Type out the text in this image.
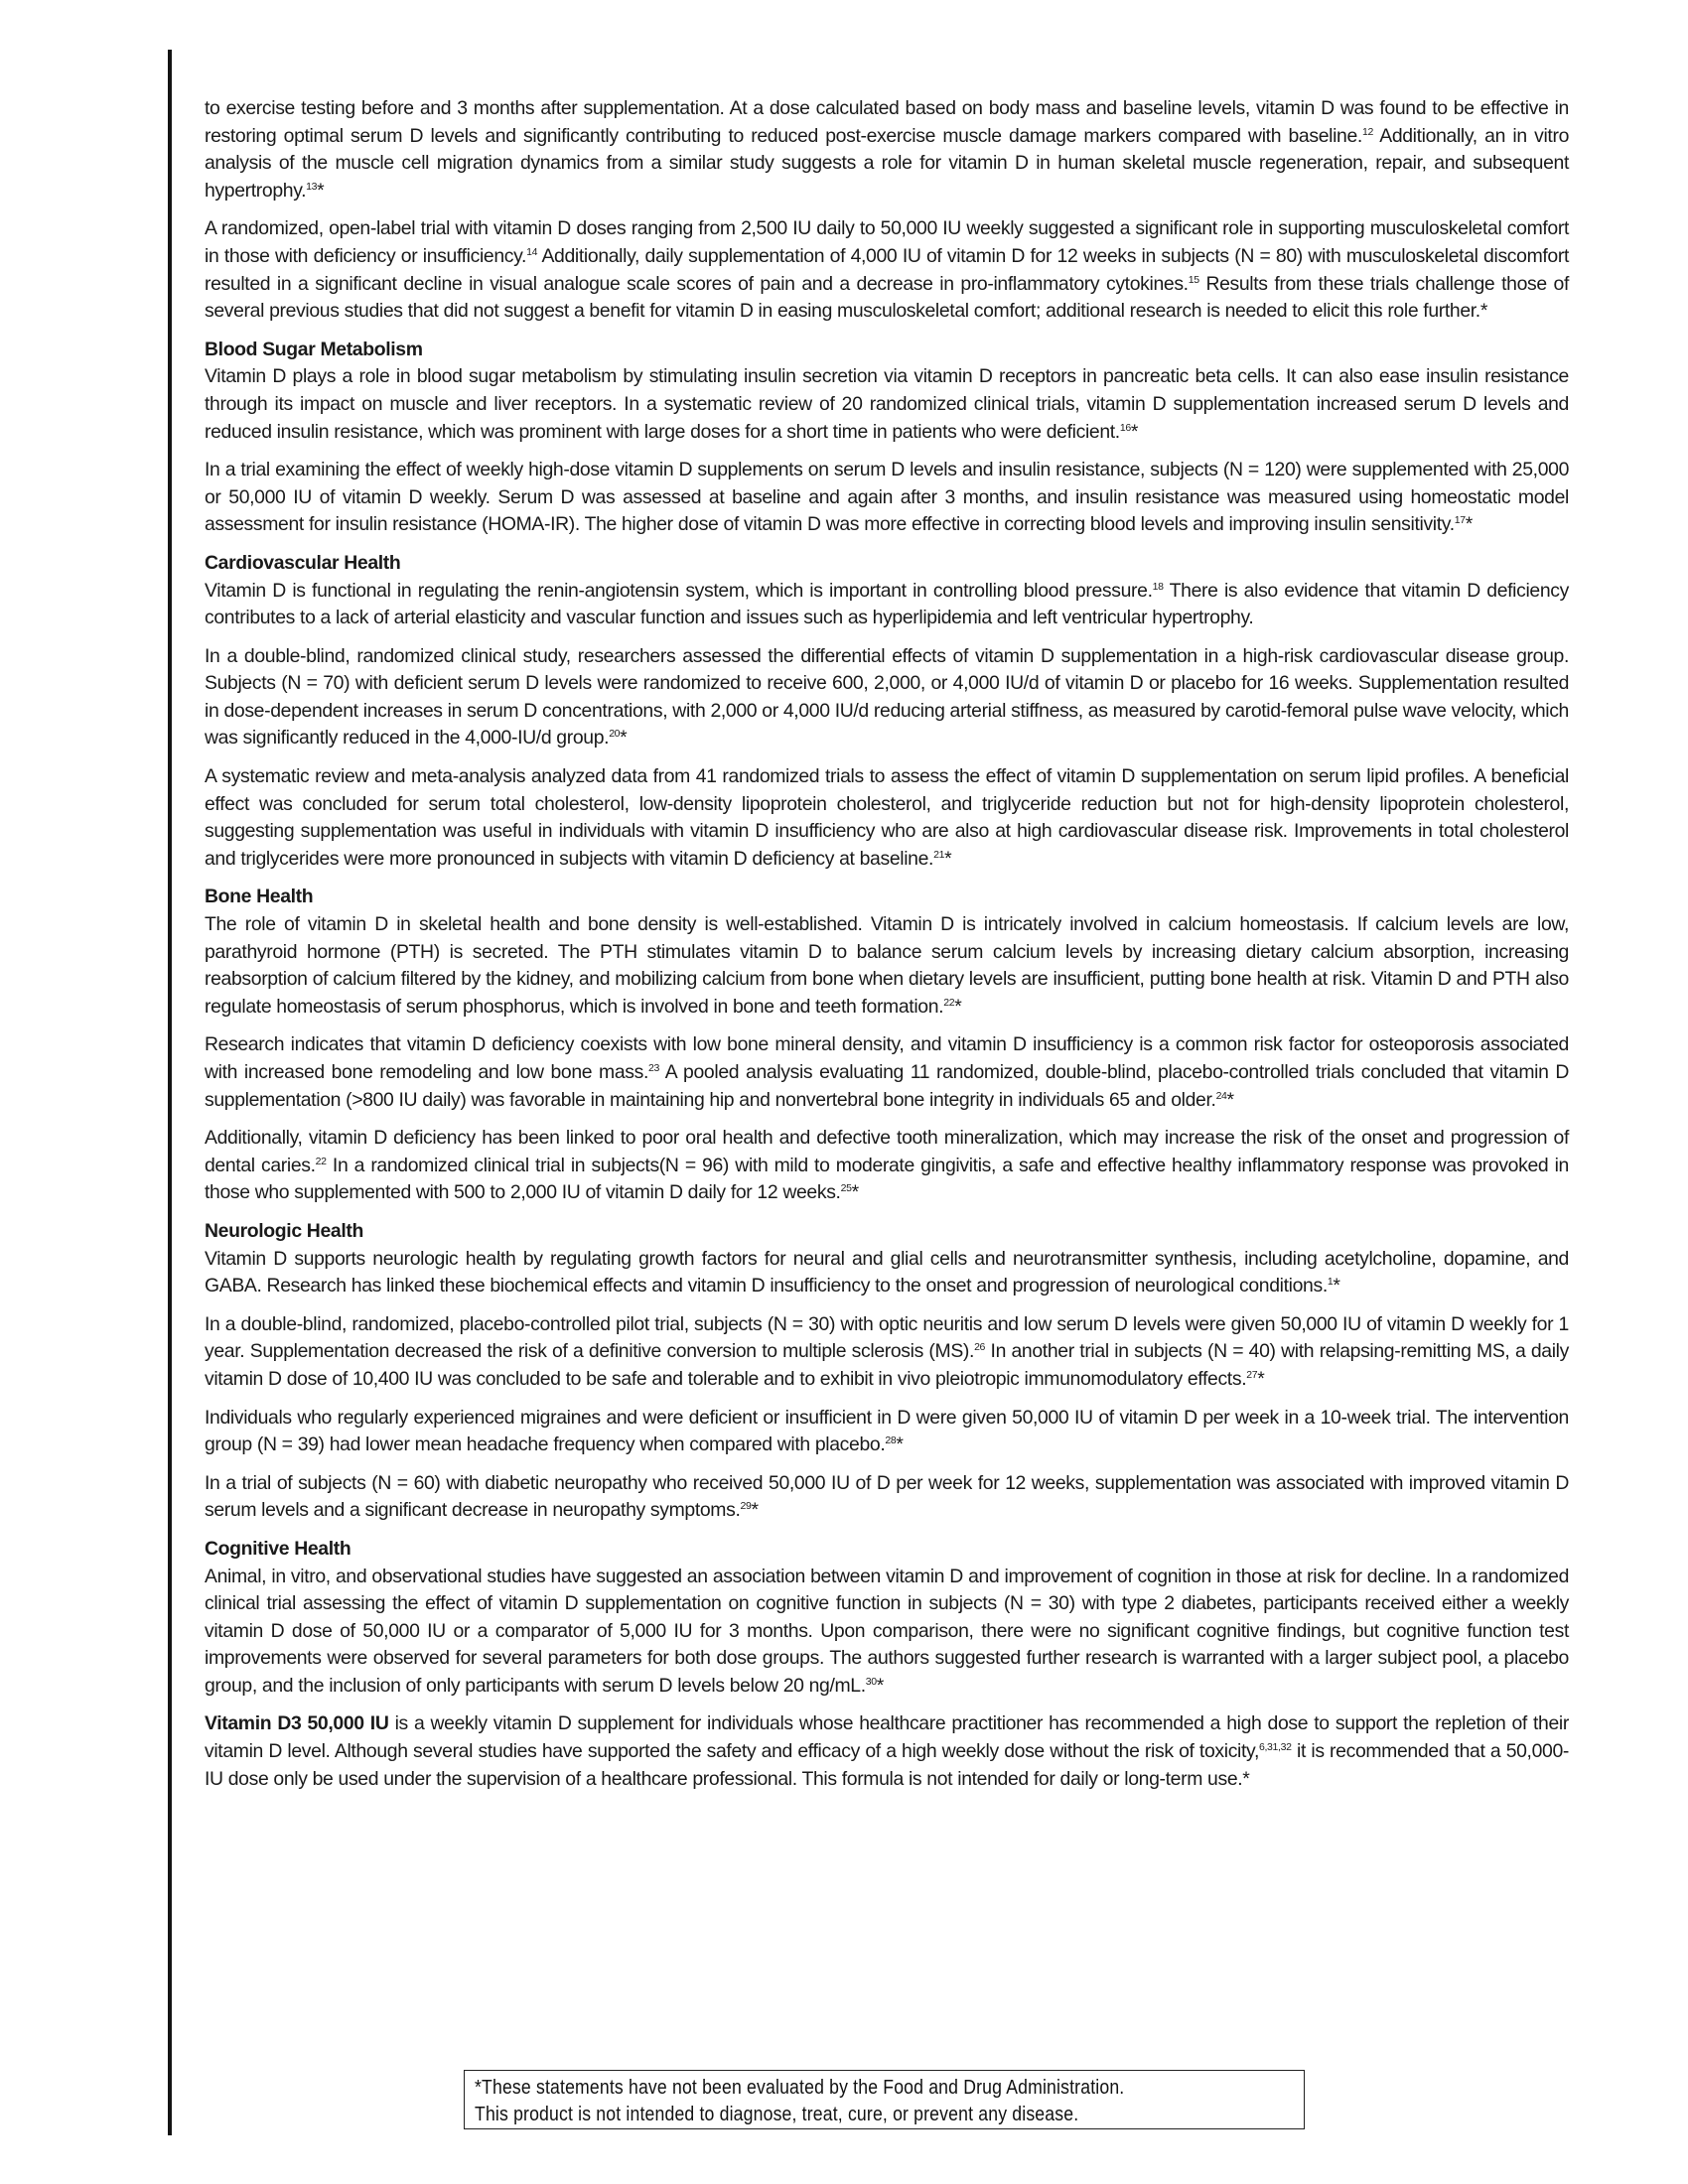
to exercise testing before and 3 months after supplementation. At a dose calculated based on body mass and baseline levels, vitamin D was found to be effective in restoring optimal serum D levels and significantly contributing to reduced post-exercise muscle damage markers compared with baseline.$^{12}$ Additionally, an in vitro analysis of the muscle cell migration dynamics from a similar study suggests a role for vitamin D in human skeletal muscle regeneration, repair, and subsequent hypertrophy.$^{13}$*

A randomized, open-label trial with vitamin D doses ranging from 2,500 IU daily to 50,000 IU weekly suggested a significant role in supporting musculoskeletal comfort in those with deficiency or insufficiency.$^{14}$ Additionally, daily supplementation of 4,000 IU of vitamin D for 12 weeks in subjects (N = 80) with musculoskeletal discomfort resulted in a significant decline in visual analogue scale scores of pain and a decrease in pro-inflammatory cytokines.$^{15}$ Results from these trials challenge those of several previous studies that did not suggest a benefit for vitamin D in easing musculoskeletal comfort; additional research is needed to elicit this role further.*

Blood Sugar Metabolism

Vitamin D plays a role in blood sugar metabolism by stimulating insulin secretion via vitamin D receptors in pancreatic beta cells. It can also ease insulin resistance through its impact on muscle and liver receptors. In a systematic review of 20 randomized clinical trials, vitamin D supplementation increased serum D levels and reduced insulin resistance, which was prominent with large doses for a short time in patients who were deficient.$^{16}$*

In a trial examining the effect of weekly high-dose vitamin D supplements on serum D levels and insulin resistance, subjects (N = 120) were supplemented with 25,000 or 50,000 IU of vitamin D weekly. Serum D was assessed at baseline and again after 3 months, and insulin resistance was measured using homeostatic model assessment for insulin resistance (HOMA-IR). The higher dose of vitamin D was more effective in correcting blood levels and improving insulin sensitivity.$^{17}$*

Cardiovascular Health

Vitamin D is functional in regulating the renin-angiotensin system, which is important in controlling blood pressure.$^{18}$ There is also evidence that vitamin D deficiency contributes to a lack of arterial elasticity and vascular function and issues such as hyperlipidemia and left ventricular hypertrophy.

In a double-blind, randomized clinical study, researchers assessed the differential effects of vitamin D supplementation in a high-risk cardiovascular disease group. Subjects (N = 70) with deficient serum D levels were randomized to receive 600, 2,000, or 4,000 IU/d of vitamin D or placebo for 16 weeks. Supplementation resulted in dose-dependent increases in serum D concentrations, with 2,000 or 4,000 IU/d reducing arterial stiffness, as measured by carotid-femoral pulse wave velocity, which was significantly reduced in the 4,000-IU/d group.$^{20}$*

A systematic review and meta-analysis analyzed data from 41 randomized trials to assess the effect of vitamin D supplementation on serum lipid profiles. A beneficial effect was concluded for serum total cholesterol, low-density lipoprotein cholesterol, and triglyceride reduction but not for high-density lipoprotein cholesterol, suggesting supplementation was useful in individuals with vitamin D insufficiency who are also at high cardiovascular disease risk. Improvements in total cholesterol and triglycerides were more pronounced in subjects with vitamin D deficiency at baseline.$^{21}$*

Bone Health

The role of vitamin D in skeletal health and bone density is well-established. Vitamin D is intricately involved in calcium homeostasis. If calcium levels are low, parathyroid hormone (PTH) is secreted. The PTH stimulates vitamin D to balance serum calcium levels by increasing dietary calcium absorption, increasing reabsorption of calcium filtered by the kidney, and mobilizing calcium from bone when dietary levels are insufficient, putting bone health at risk. Vitamin D and PTH also regulate homeostasis of serum phosphorus, which is involved in bone and teeth formation.$^{22}$*

Research indicates that vitamin D deficiency coexists with low bone mineral density, and vitamin D insufficiency is a common risk factor for osteoporosis associated with increased bone remodeling and low bone mass.$^{23}$ A pooled analysis evaluating 11 randomized, double-blind, placebo-controlled trials concluded that vitamin D supplementation (>800 IU daily) was favorable in maintaining hip and nonvertebral bone integrity in individuals 65 and older.$^{24}$*

Additionally, vitamin D deficiency has been linked to poor oral health and defective tooth mineralization, which may increase the risk of the onset and progression of dental caries.$^{22}$ In a randomized clinical trial in subjects(N = 96) with mild to moderate gingivitis, a safe and effective healthy inflammatory response was provoked in those who supplemented with 500 to 2,000 IU of vitamin D daily for 12 weeks.$^{25}$*

Neurologic Health

Vitamin D supports neurologic health by regulating growth factors for neural and glial cells and neurotransmitter synthesis, including acetylcholine, dopamine, and GABA. Research has linked these biochemical effects and vitamin D insufficiency to the onset and progression of neurological conditions.$^1$*

In a double-blind, randomized, placebo-controlled pilot trial, subjects (N = 30) with optic neuritis and low serum D levels were given 50,000 IU of vitamin D weekly for 1 year. Supplementation decreased the risk of a definitive conversion to multiple sclerosis (MS).$^{26}$ In another trial in subjects (N = 40) with relapsing-remitting MS, a daily vitamin D dose of 10,400 IU was concluded to be safe and tolerable and to exhibit in vivo pleiotropic immunomodulatory effects.$^{27}$*

Individuals who regularly experienced migraines and were deficient or insufficient in D were given 50,000 IU of vitamin D per week in a 10-week trial. The intervention group (N = 39) had lower mean headache frequency when compared with placebo.$^{28}$*

In a trial of subjects (N = 60) with diabetic neuropathy who received 50,000 IU of D per week for 12 weeks, supplementation was associated with improved vitamin D serum levels and a significant decrease in neuropathy symptoms.$^{29}$*

Cognitive Health

Animal, in vitro, and observational studies have suggested an association between vitamin D and improvement of cognition in those at risk for decline. In a randomized clinical trial assessing the effect of vitamin D supplementation on cognitive function in subjects (N = 30) with type 2 diabetes, participants received either a weekly vitamin D dose of 50,000 IU or a comparator of 5,000 IU for 3 months. Upon comparison, there were no significant cognitive findings, but cognitive function test improvements were observed for several parameters for both dose groups. The authors suggested further research is warranted with a larger subject pool, a placebo group, and the inclusion of only participants with serum D levels below 20 ng/mL.$^{30}$*

Vitamin D3 50,000 IU is a weekly vitamin D supplement for individuals whose healthcare practitioner has recommended a high dose to support the repletion of their vitamin D level. Although several studies have supported the safety and efficacy of a high weekly dose without the risk of toxicity,$^{6,31,32}$ it is recommended that a 50,000-IU dose only be used under the supervision of a healthcare professional. This formula is not intended for daily or long-term use.*

*These statements have not been evaluated by the Food and Drug Administration.
This product is not intended to diagnose, treat, cure, or prevent any disease.
